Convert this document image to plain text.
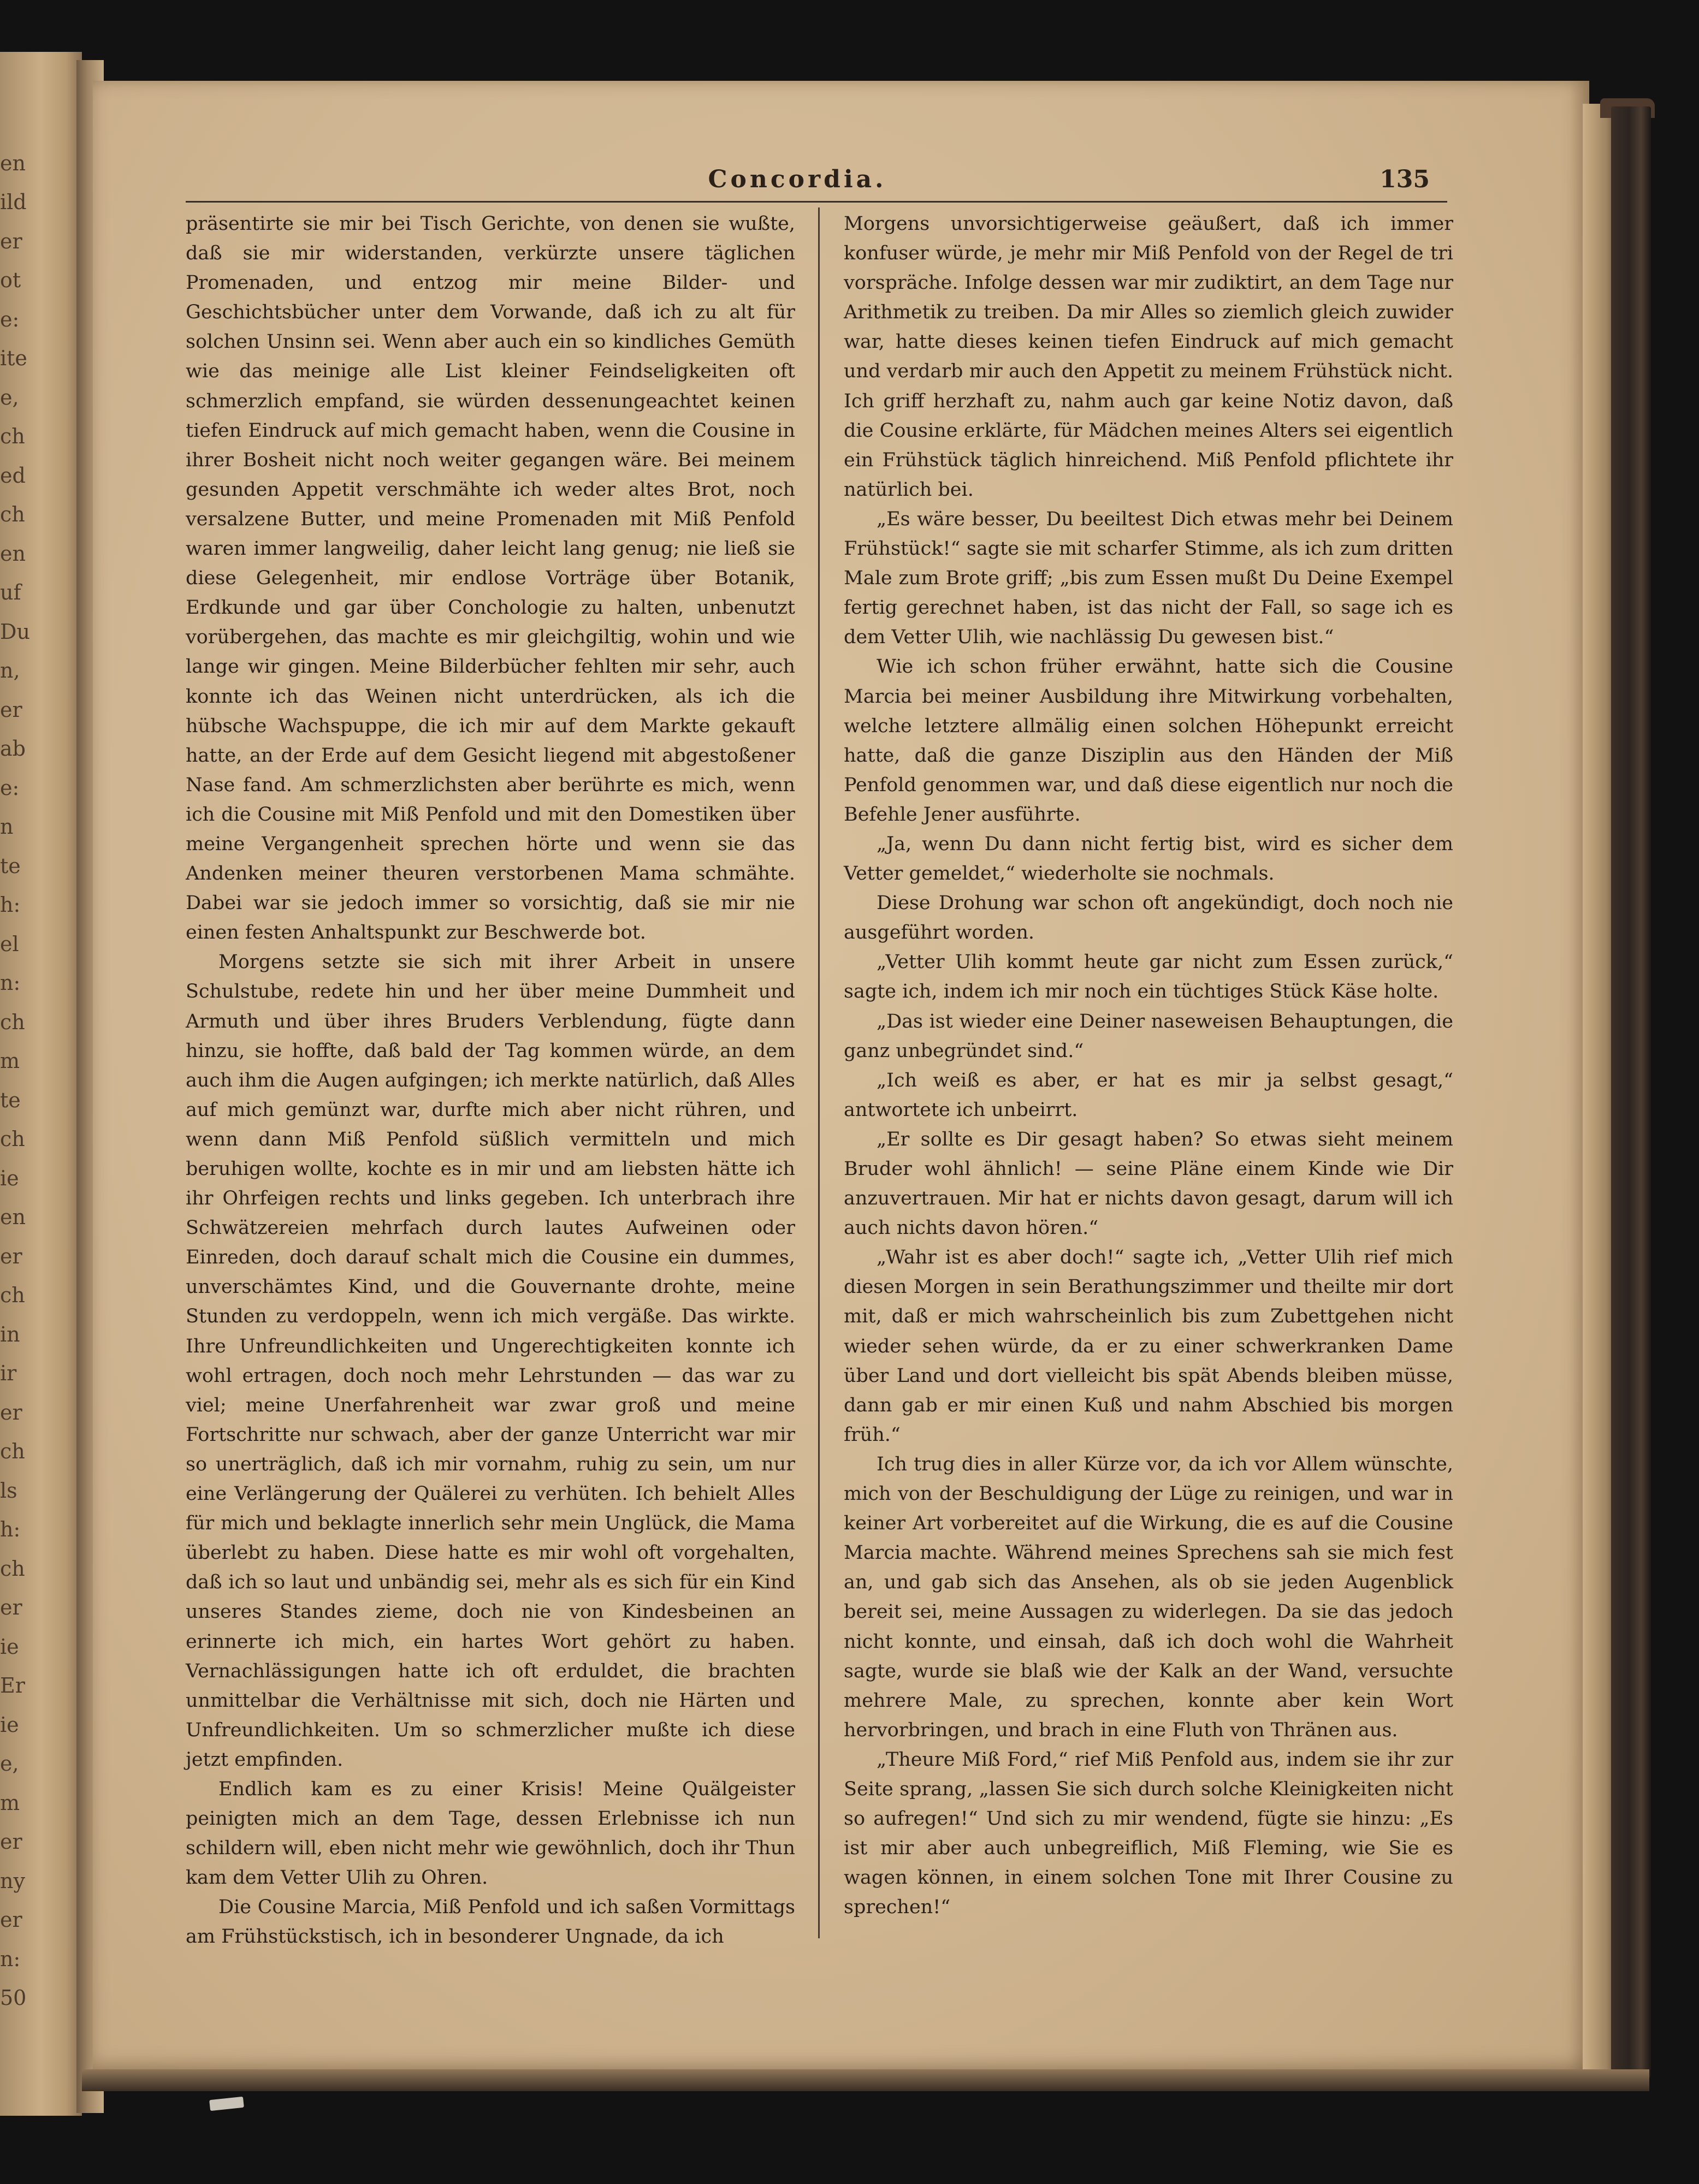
en
ild
er
ot
e:
ite
e,
ch
ed
ch
en
uf
Du
n,
er
ab
e:
n
te
h:
el
n:
ch
m
te
ch
ie
en
er
ch
in
ir
er
ch
ls
h:
ch
er
ie
Er
ie
e,
m
er
ny
er
n:
50
Concordia.	135

präsentirte sie mir bei Tisch Gerichte, von denen sie wußte, daß sie mir widerstanden, verkürzte unsere täglichen Promenaden, und entzog mir meine Bilder- und Geschichtsbücher unter dem Vorwande, daß ich zu alt für solchen Unsinn sei. Wenn aber auch ein so kindliches Gemüth wie das meinige alle List kleiner Feindseligkeiten oft schmerzlich empfand, sie würden dessenungeachtet keinen tiefen Eindruck auf mich gemacht haben, wenn die Cousine in ihrer Bosheit nicht noch weiter gegangen wäre. Bei meinem gesunden Appetit verschmähte ich weder altes Brot, noch versalzene Butter, und meine Promenaden mit Miß Penfold waren immer langweilig, daher leicht lang genug; nie ließ sie diese Gelegenheit, mir endlose Vorträge über Botanik, Erdkunde und gar über Conchologie zu halten, unbenutzt vorübergehen, das machte es mir gleichgiltig, wohin und wie lange wir gingen. Meine Bilderbücher fehlten mir sehr, auch konnte ich das Weinen nicht unterdrücken, als ich die hübsche Wachspuppe, die ich mir auf dem Markte gekauft hatte, an der Erde auf dem Gesicht liegend mit abgestoßener Nase fand. Am schmerzlichsten aber berührte es mich, wenn ich die Cousine mit Miß Penfold und mit den Domestiken über meine Vergangenheit sprechen hörte und wenn sie das Andenken meiner theuren verstorbenen Mama schmähte. Dabei war sie jedoch immer so vorsichtig, daß sie mir nie einen festen Anhaltspunkt zur Beschwerde bot.

Morgens setzte sie sich mit ihrer Arbeit in unsere Schulstube, redete hin und her über meine Dummheit und Armuth und über ihres Bruders Verblendung, fügte dann hinzu, sie hoffte, daß bald der Tag kommen würde, an dem auch ihm die Augen aufgingen; ich merkte natürlich, daß Alles auf mich gemünzt war, durfte mich aber nicht rühren, und wenn dann Miß Penfold süßlich vermitteln und mich beruhigen wollte, kochte es in mir und am liebsten hätte ich ihr Ohrfeigen rechts und links gegeben. Ich unterbrach ihre Schwätzereien mehrfach durch lautes Aufweinen oder Einreden, doch darauf schalt mich die Cousine ein dummes, unverschämtes Kind, und die Gouvernante drohte, meine Stunden zu verdoppeln, wenn ich mich vergäße. Das wirkte. Ihre Unfreundlichkeiten und Ungerechtigkeiten konnte ich wohl ertragen, doch noch mehr Lehrstunden — das war zu viel; meine Unerfahrenheit war zwar groß und meine Fortschritte nur schwach, aber der ganze Unterricht war mir so unerträglich, daß ich mir vornahm, ruhig zu sein, um nur eine Verlängerung der Quälerei zu verhüten. Ich behielt Alles für mich und beklagte innerlich sehr mein Unglück, die Mama überlebt zu haben. Diese hatte es mir wohl oft vorgehalten, daß ich so laut und unbändig sei, mehr als es sich für ein Kind unseres Standes zieme, doch nie von Kindesbeinen an erinnerte ich mich, ein hartes Wort gehört zu haben. Vernachlässigungen hatte ich oft erduldet, die brachten unmittelbar die Verhältnisse mit sich, doch nie Härten und Unfreundlichkeiten. Um so schmerzlicher mußte ich diese jetzt empfinden.

Endlich kam es zu einer Krisis! Meine Quälgeister peinigten mich an dem Tage, dessen Erlebnisse ich nun schildern will, eben nicht mehr wie gewöhnlich, doch ihr Thun kam dem Vetter Ulih zu Ohren.

Die Cousine Marcia, Miß Penfold und ich saßen Vormittags am Frühstückstisch, ich in besonderer Ungnade, da ich

Morgens unvorsichtigerweise geäußert, daß ich immer konfuser würde, je mehr mir Miß Penfold von der Regel de tri vorspräche. Infolge dessen war mir zudiktirt, an dem Tage nur Arithmetik zu treiben. Da mir Alles so ziemlich gleich zuwider war, hatte dieses keinen tiefen Eindruck auf mich gemacht und verdarb mir auch den Appetit zu meinem Frühstück nicht. Ich griff herzhaft zu, nahm auch gar keine Notiz davon, daß die Cousine erklärte, für Mädchen meines Alters sei eigentlich ein Frühstück täglich hinreichend. Miß Penfold pflichtete ihr natürlich bei.

„Es wäre besser, Du beeiltest Dich etwas mehr bei Deinem Frühstück!“ sagte sie mit scharfer Stimme, als ich zum dritten Male zum Brote griff; „bis zum Essen mußt Du Deine Exempel fertig gerechnet haben, ist das nicht der Fall, so sage ich es dem Vetter Ulih, wie nachlässig Du gewesen bist.“

Wie ich schon früher erwähnt, hatte sich die Cousine Marcia bei meiner Ausbildung ihre Mitwirkung vorbehalten, welche letztere allmälig einen solchen Höhepunkt erreicht hatte, daß die ganze Disziplin aus den Händen der Miß Penfold genommen war, und daß diese eigentlich nur noch die Befehle Jener ausführte.

„Ja, wenn Du dann nicht fertig bist, wird es sicher dem Vetter gemeldet,“ wiederholte sie nochmals.

Diese Drohung war schon oft angekündigt, doch noch nie ausgeführt worden.

„Vetter Ulih kommt heute gar nicht zum Essen zurück,“ sagte ich, indem ich mir noch ein tüchtiges Stück Käse holte.

„Das ist wieder eine Deiner naseweisen Behauptungen, die ganz unbegründet sind.“

„Ich weiß es aber, er hat es mir ja selbst gesagt,“ antwortete ich unbeirrt.

„Er sollte es Dir gesagt haben? So etwas sieht meinem Bruder wohl ähnlich! — seine Pläne einem Kinde wie Dir anzuvertrauen. Mir hat er nichts davon gesagt, darum will ich auch nichts davon hören.“

„Wahr ist es aber doch!“ sagte ich, „Vetter Ulih rief mich diesen Morgen in sein Berathungszimmer und theilte mir dort mit, daß er mich wahrscheinlich bis zum Zubettgehen nicht wieder sehen würde, da er zu einer schwerkranken Dame über Land und dort vielleicht bis spät Abends bleiben müsse, dann gab er mir einen Kuß und nahm Abschied bis morgen früh.“

Ich trug dies in aller Kürze vor, da ich vor Allem wünschte, mich von der Beschuldigung der Lüge zu reinigen, und war in keiner Art vorbereitet auf die Wirkung, die es auf die Cousine Marcia machte. Während meines Sprechens sah sie mich fest an, und gab sich das Ansehen, als ob sie jeden Augenblick bereit sei, meine Aussagen zu widerlegen. Da sie das jedoch nicht konnte, und einsah, daß ich doch wohl die Wahrheit sagte, wurde sie blaß wie der Kalk an der Wand, versuchte mehrere Male, zu sprechen, konnte aber kein Wort hervorbringen, und brach in eine Fluth von Thränen aus.

„Theure Miß Ford,“ rief Miß Penfold aus, indem sie ihr zur Seite sprang, „lassen Sie sich durch solche Kleinigkeiten nicht so aufregen!“ Und sich zu mir wendend, fügte sie hinzu: „Es ist mir aber auch unbegreiflich, Miß Fleming, wie Sie es wagen können, in einem solchen Tone mit Ihrer Cousine zu sprechen!“
